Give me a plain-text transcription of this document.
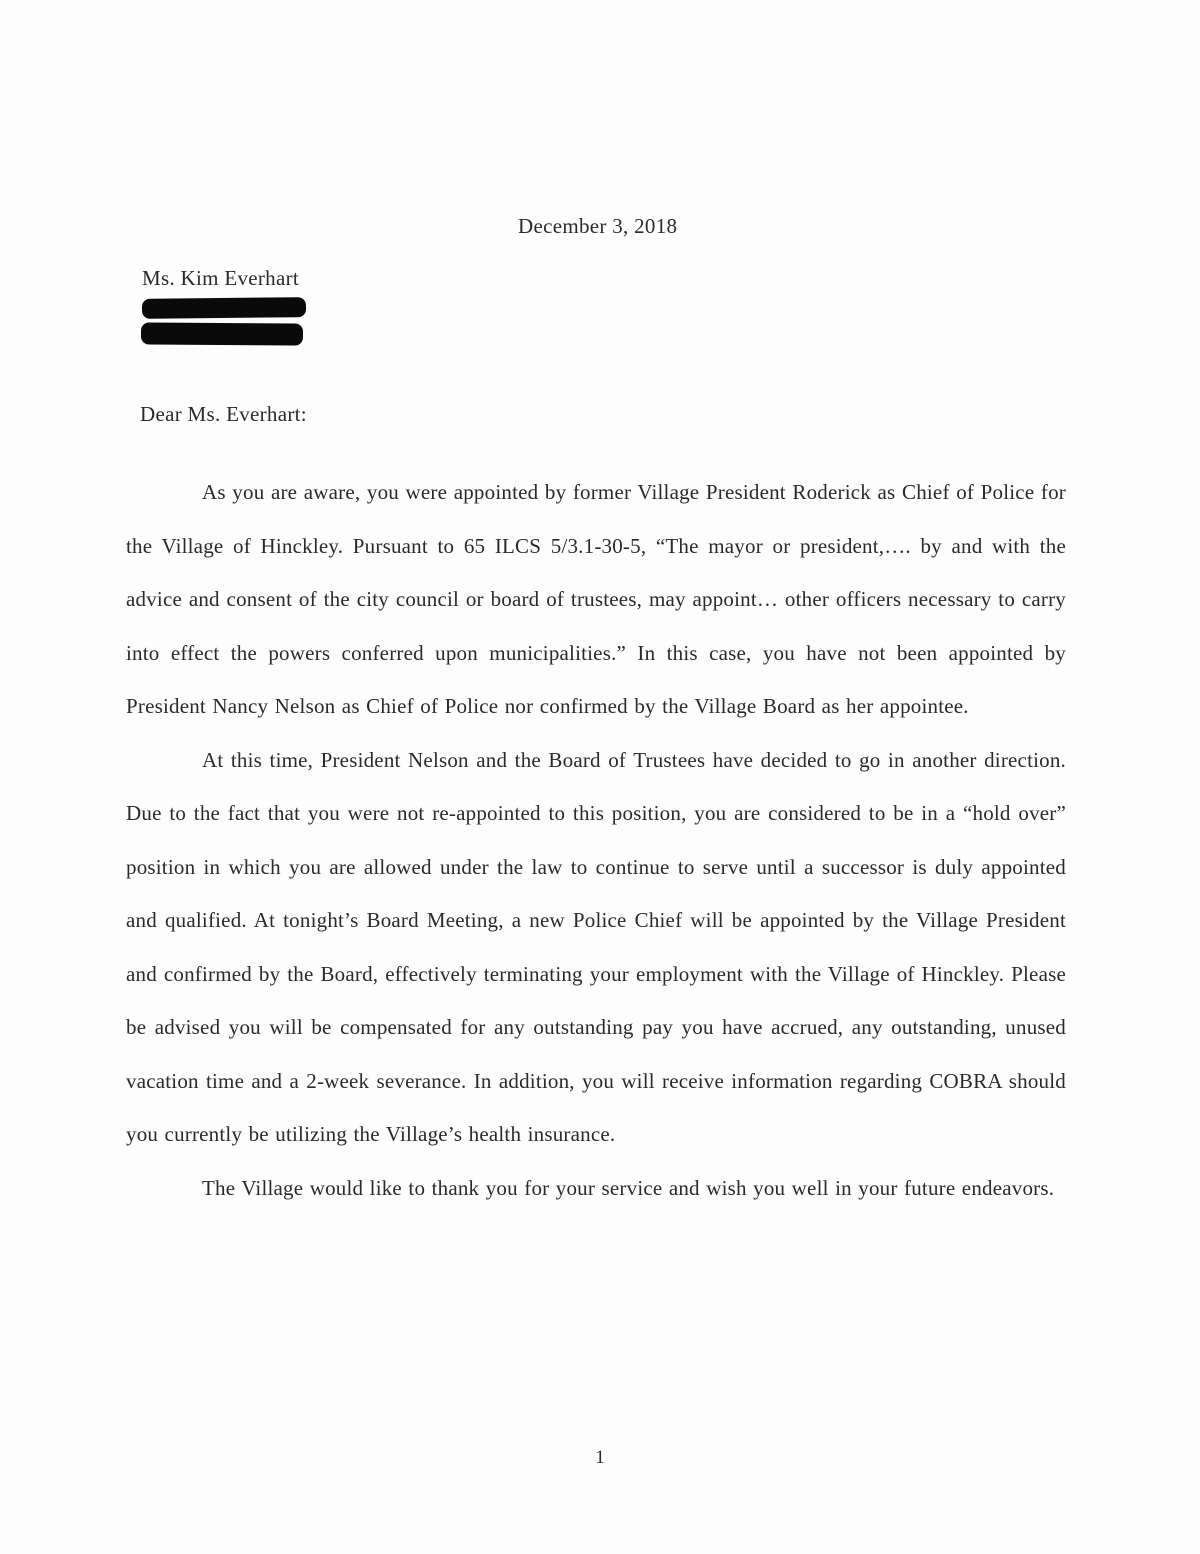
December 3, 2018
Ms. Kim Everhart
Dear Ms. Everhart:

As you are aware, you were appointed by former Village President Roderick as Chief of Police for the Village of Hinckley. Pursuant to 65 ILCS 5/3.1-30-5, “The mayor or president,…. by and with the advice and consent of the city council or board of trustees, may appoint… other officers necessary to carry into effect the powers conferred upon municipalities.” In this case, you have not been appointed by President Nancy Nelson as Chief of Police nor confirmed by the Village Board as her appointee.

At this time, President Nelson and the Board of Trustees have decided to go in another direction. Due to the fact that you were not re-appointed to this position, you are considered to be in a “hold over” position in which you are allowed under the law to continue to serve until a successor is duly appointed and qualified. At tonight’s Board Meeting, a new Police Chief will be appointed by the Village President and confirmed by the Board, effectively terminating your employment with the Village of Hinckley. Please be advised you will be compensated for any outstanding pay you have accrued, any outstanding, unused vacation time and a 2-week severance. In addition, you will receive information regarding COBRA should you currently be utilizing the Village’s health insurance.

The Village would like to thank you for your service and wish you well in your future endeavors.

1
